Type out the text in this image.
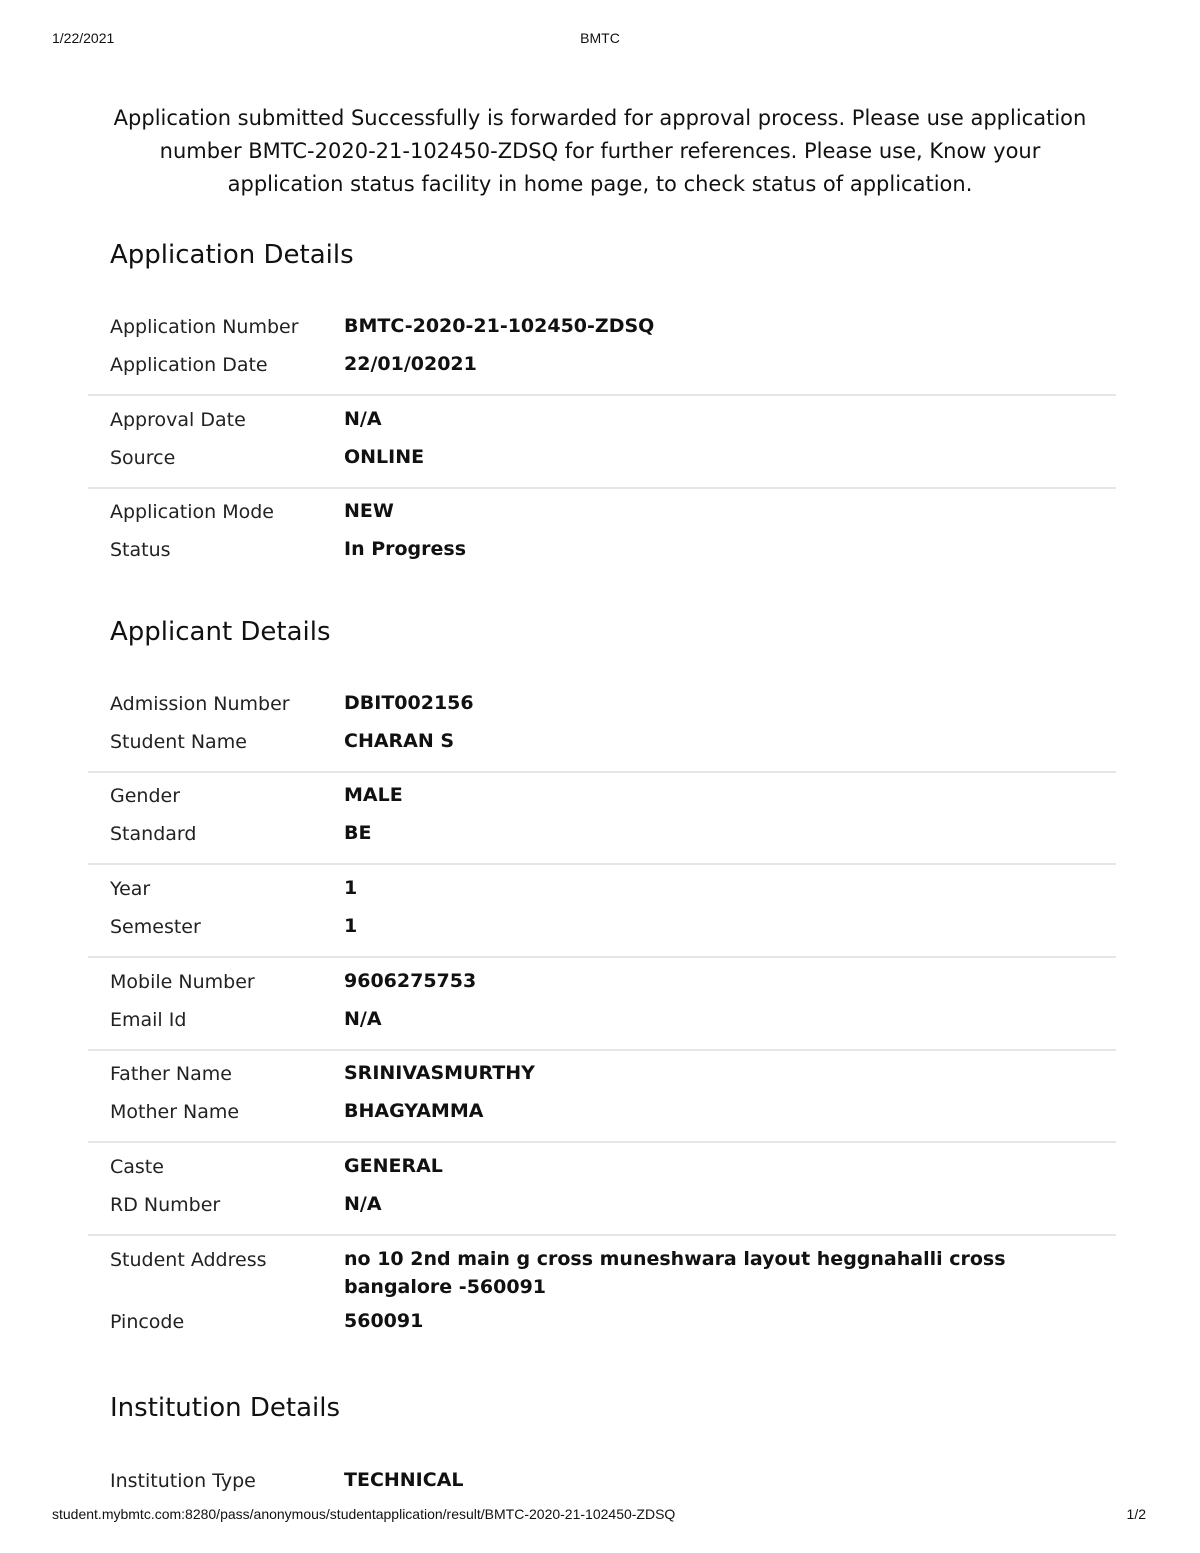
1/22/2021	BMTC
Application submitted Successfully is forwarded for approval process. Please use application number BMTC-2020-21-102450-ZDSQ for further references. Please use, Know your application status facility in home page, to check status of application.
Application Details
Application Number BMTC-2020-21-102450-ZDSQ
Application Date	22/01/02021
Approval Date	N/A
Source	ONLINE
Application Mode	NEW
Status	In Progress
Applicant Details
Admission Number	DBIT002156
Student Name	CHARAN S
Gender	MALE
Standard	BE
Year	1
Semester	1
Mobile Number	9606275753
Email Id	N/A
Father Name	SRINIVASMURTHY
Mother Name	BHAGYAMMA
Caste	GENERAL
RD Number	N/A
Student Address	no 10 2nd main g cross muneshwara layout heggnahalli cross bangalore -560091
Pincode	560091
Institution Details
Institution Type	TECHNICAL
student.mybmtc.com:8280/pass/anonymous/studentapplication/result/BMTC-2020-21-102450-ZDSQ	1/2
